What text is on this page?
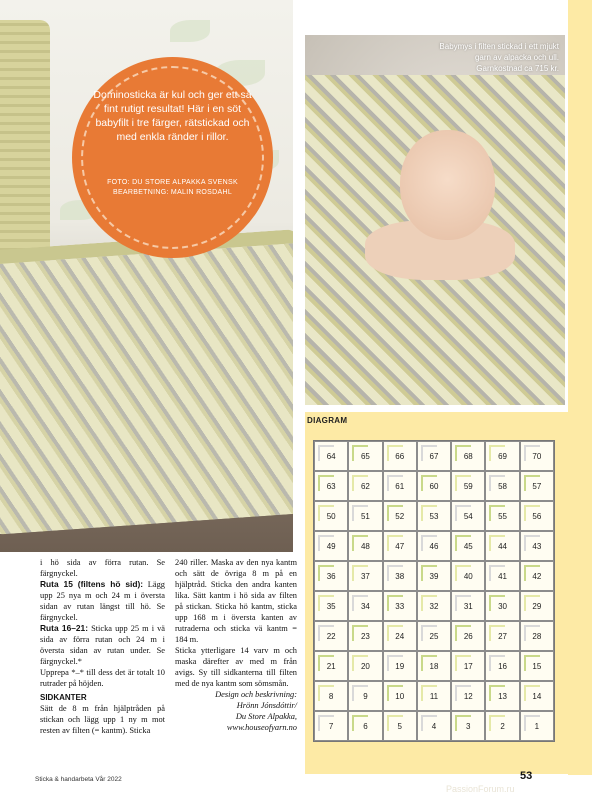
Dominosticka är kul och ger ett så fint rutigt resultat! Här i en söt babyfilt i tre färger, rätstickad och med enkla ränder i rillor.
FOTO: DU STORE ALPAKKA SVENSK BEARBETNING: MALIN ROSDAHL
Babymys i filten stickad i ett mjukt garn av alpacka och ull. Garnkostnad ca 715 kr.
DIAGRAM
64	65	66	67	68	69	70
63	62	61	60	59	58	57
50	51	52	53	54	55	56
49	48	47	46	45	44	43
36	37	38	39	40	41	42
35	34	33	32	31	30	29
22	23	24	25	26	27	28
21	20	19	18	17	16	15
8	9	10	11	12	13	14
7	6	5	4	3	2	1

i hö sida av förra rutan. Se färgnyckel.

Ruta 15 (filtens hö sid): Lägg upp 25 nya m och 24 m i översta sidan av rutan längst till hö. Se färgnyckel.

Ruta 16–21: Sticka upp 25 m i vä sida av förra rutan och 24 m i översta sidan av rutan under. Se färgnyckel.*

Upprepa *–* till dess det är totalt 10 rutrader på höjden.

SIDKANTER

Sätt de 8 m från hjälptråden på stickan och lägg upp 1 ny m mot resten av filten (= kantm). Sticka

240 riller. Maska av den nya kantm och sätt de övriga 8 m på en hjälptråd. Sticka den andra kanten lika. Sätt kantm i hö sida av filten på stickan. Sticka hö kantm, sticka upp 168 m i översta kanten av rutraderna och sticka vä kantm = 184 m.

Sticka ytterligare 14 varv m och maska därefter av med m från avigs. Sy till sidkanterna till filten med de nya kantm som sömsmån.

Design och beskrivning:

Hrönn Jónsdóttir/

Du Store Alpakka,

www.houseofyarn.no

Sticka & handarbeta Vår 2022
PassionForum.ru
53
